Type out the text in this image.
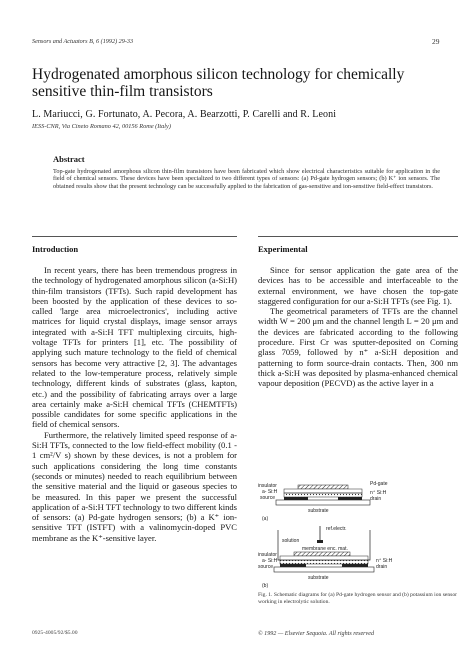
Sensors and Actuators B, 6 (1992) 29-33	29
Hydrogenated amorphous silicon technology for chemically sensitive thin-film transistors
L. Mariucci, G. Fortunato, A. Pecora, A. Bearzotti, P. Carelli and R. Leoni
IESS-CNR, Via Cineto Romano 42, 00156 Rome (Italy)
Abstract
Top-gate hydrogenated amorphous silicon thin-film transistors have been fabricated which show electrical characteristics suitable for application in the field of chemical sensors. These devices have been specialized to two different types of sensors: (a) Pd-gate hydrogen sensors; (b) K⁺ ion sensors. The obtained results show that the present technology can be successfully applied to the fabrication of gas-sensitive and ion-sensitive field-effect transistors.
Introduction	Experimental

In recent years, there has been tremendous progress in the technology of hydrogenated amorphous silicon (a-Si:H) thin-film transistors (TFTs). Such rapid development has been boosted by the application of these devices to so-called 'large area microelectronics', including active matrices for liquid crystal displays, image sensor arrays integrated with a-Si:H TFT multiplexing circuits, high-voltage TFTs for printers [1], etc. The possibility of applying such mature technology to the field of chemical sensors has become very attractive [2, 3]. The advantages related to the low-temperature process, relatively simple technology, different kinds of substrates (glass, kapton, etc.) and the possibility of fabricating arrays over a large area certainly make a-Si:H chemical TFTs (CHEMTFTs) possible candidates for some specific applications in the field of chemical sensors.

Furthermore, the relatively limited speed response of a-Si:H TFTs, connected to the low field-effect mobility (0.1 - 1 cm²/V s) shown by these devices, is not a problem for such applications considering the long time constants (seconds or minutes) needed to reach equilibrium between the sensitive material and the liquid or gaseous species to be measured. In this paper we present the successful application of a-Si:H TFT technology to two different kinds of sensors: (a) Pd-gate hydrogen sensors; (b) a K⁺ ion-sensitive TFT (ISTFT) with a valinomycin-doped PVC membrane as the K⁺-sensitive layer.

Since for sensor application the gate area of the devices has to be accessible and interfaceable to the external environment, we have chosen the top-gate staggered configuration for our a-Si:H TFTs (see Fig. 1).

The geometrical parameters of TFTs are the channel width W = 200 μm and the channel length L = 20 μm and the devices are fabricated according to the following procedure. First Cr was sputter-deposited on Corning glass 7059, followed by n⁺ a-Si:H deposition and patterning to form source-drain contacts. Then, 300 nm thick a-Si:H was deposited by plasma-enhanced chemical vapour deposition (PECVD) as the active layer in a

insulator
a- Si:H
source
Pd-gate
n⁺ Si:H
drain
substrate
(a)
ref.electr.
solution
membrane enc. mat.
insulator
a- Si:H
source
n⁺ Si:H
drain
substrate
(b)
Fig. 1. Schematic diagrams for (a) Pd-gate hydrogen sensor and (b) potassium ion sensor working in electrolytic solution.
0925-4005/92/$5.00	© 1992 — Elsevier Sequoia. All rights reserved
